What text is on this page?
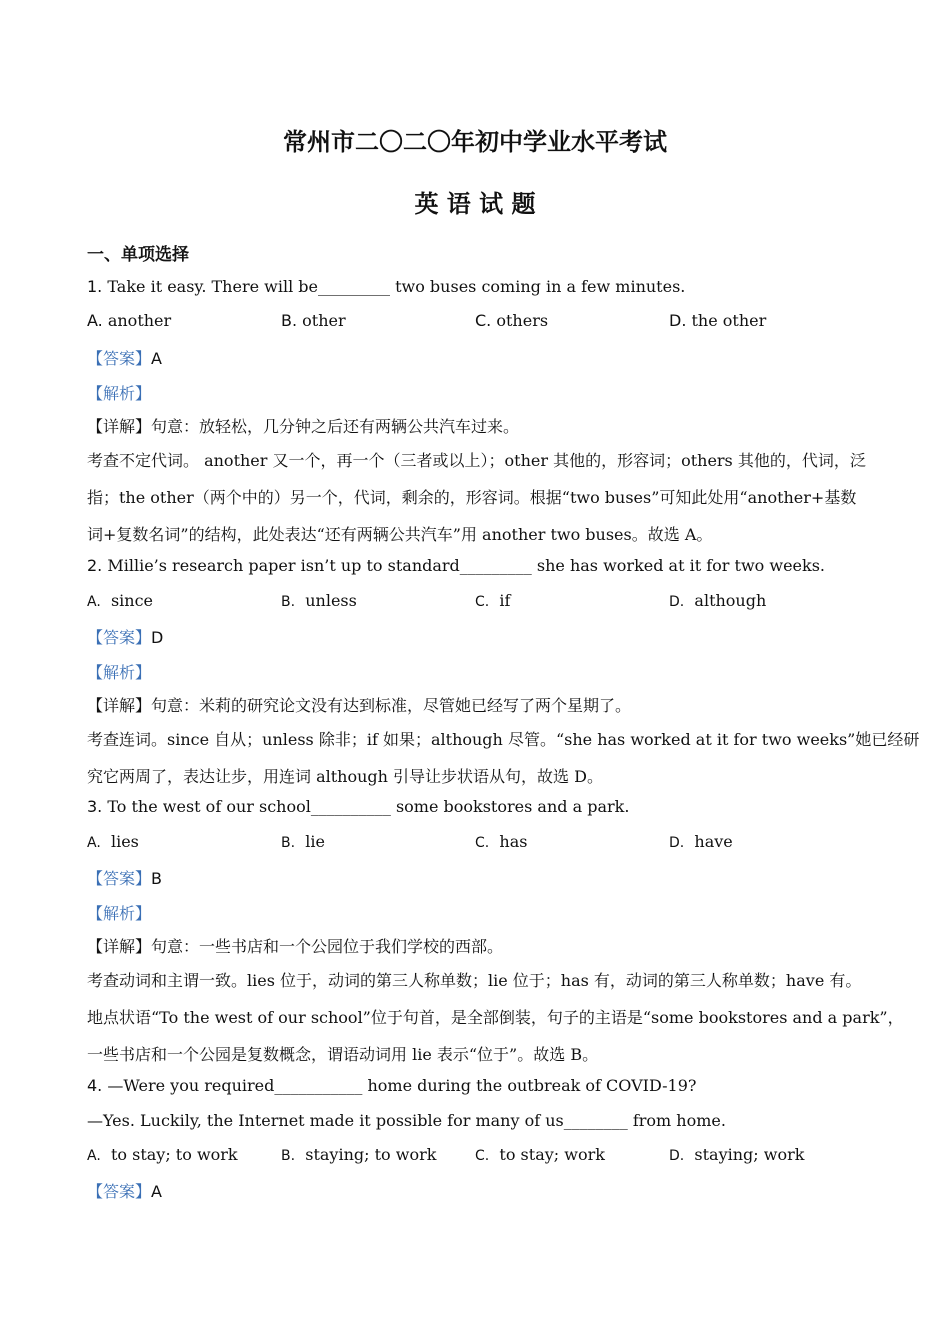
常州市二〇二〇年初中学业水平考试
英 语 试 题
一、单项选择
1. Take it easy. There will be_________ two buses coming in a few minutes.
A. another	B. other	C. others	D. the other
【答案】A
【解析】
【详解】句意：放轻松，几分钟之后还有两辆公共汽车过来。
考查不定代词。 another 又一个，再一个（三者或以上）；other 其他的，形容词；others 其他的，代词，泛
指；the other（两个中的）另一个，代词，剩余的，形容词。根据“two buses”可知此处用“another+基数
词+复数名词”的结构，此处表达“还有两辆公共汽车”用 another two buses。故选 A。
2. Millie’s research paper isn’t up to standard_________ she has worked at it for two weeks.
A. since	B. unless	C. if	D. although
【答案】D
【解析】
【详解】句意：米莉的研究论文没有达到标准，尽管她已经写了两个星期了。
考查连词。since 自从；unless 除非；if 如果；although 尽管。“she has worked at it for two weeks”她已经研
究它两周了，表达让步，用连词 although 引导让步状语从句，故选 D。
3. To the west of our school__________ some bookstores and a park.
A. lies	B. lie	C. has	D. have
【答案】B
【解析】
【详解】句意：一些书店和一个公园位于我们学校的西部。
考查动词和主谓一致。lies 位于，动词的第三人称单数；lie 位于；has 有，动词的第三人称单数；have 有。
地点状语“To the west of our school”位于句首，是全部倒装，句子的主语是“some bookstores and a park”，
一些书店和一个公园是复数概念，谓语动词用 lie 表示“位于”。故选 B。
4. —Were you required___________ home during the outbreak of COVID-19?
—Yes. Luckily, the Internet made it possible for many of us________ from home.
A. to stay; to work	B. staying; to work	C. to stay; work	D. staying; work
【答案】A
